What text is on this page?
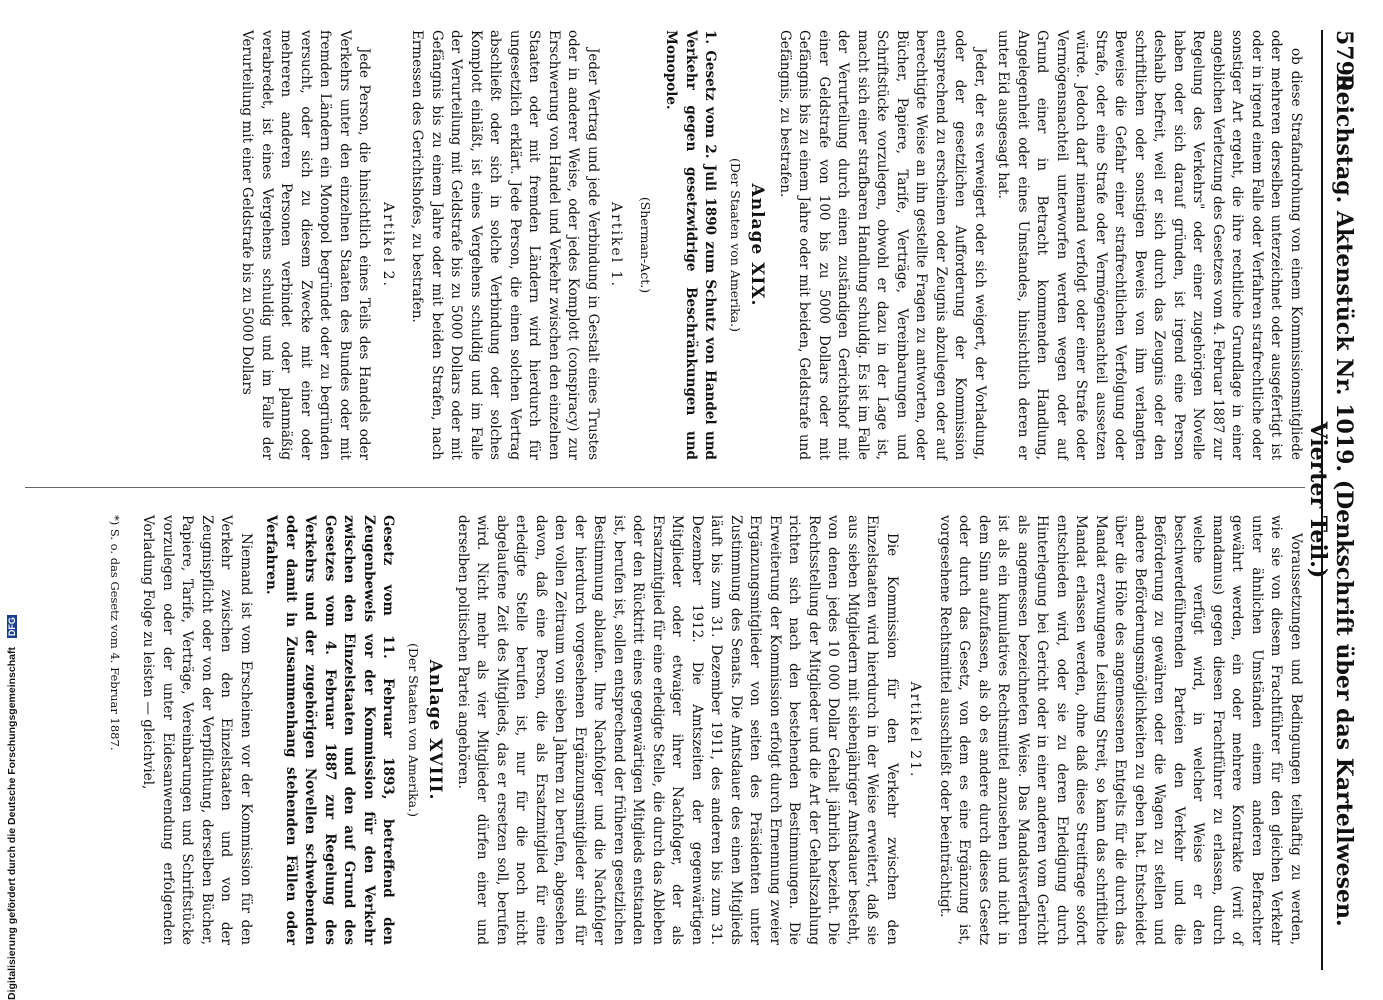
5799
Reichstag. Aktenstück Nr. 1019. (Denkschrift über das Kartellwesen. Vierter Teil.)

ob diese Strafandrohung von einem Kommissionsmitgliede oder mehreren derselben unterzeichnet oder ausgefertigt ist oder in irgend einem Falle oder Verfahren strafrechtliche oder sonstiger Art ergeht, die ihre rechtliche Grundlage in einer angeblichen Verletzung des Gesetzes vom 4. Februar 1887 zur Regelung des Verkehrs" oder einer zugehörigen Novelle haben oder sich darauf gründen, ist irgend eine Person deshalb befreit, weil er sich durch das Zeugnis oder den schriftlichen oder sonstigen Beweis von ihm verlangten Beweise die Gefahr einer strafrechtlichen Verfolgung oder Strafe, oder eine Strafe oder Vermögensnachteil aussetzen würde. Jedoch darf niemand verfolgt oder einer Strafe oder Vermögensnachteil unterworfen werden wegen oder auf Grund einer in Betracht kommenden Handlung, Angelegenheit oder eines Umstandes, hinsichtlich deren er unter Eid ausgesagt hat.

Jeder, der es verweigert oder sich weigert, der Vorladung, oder der gesetzlichen Aufforderung der Kommission entsprechend zu erscheinen oder Zeugnis abzulegen oder auf berechtigte Weise an ihn gestellte Fragen zu antworten, oder Bücher, Papiere, Tarife, Verträge, Vereinbarungen und Schriftstücke vorzulegen, obwohl er dazu in der Lage ist, macht sich einer strafbaren Handlung schuldig. Es ist im Falle der Verurteilung durch einen zuständigen Gerichtshof mit einer Geldstrafe von 100 bis zu 5000 Dollars oder mit Gefängnis bis zu einem Jahre oder mit beiden, Geldstrafe und Gefängnis, zu bestrafen.

Anlage XIX.
(Der Staaten von Amerika.)

1. Gesetz vom 2. Juli 1890 zum Schutz von Handel und Verkehr gegen gesetzwidrige Beschränkungen und Monopole.

(Sherman-Act.)
Artikel 1.

Jeder Vertrag und jede Verbindung in Gestalt eines Trustes oder in anderer Weise, oder jedes Komplott (conspiracy) zur Erschwerung von Handel und Verkehr zwischen den einzelnen Staaten oder mit fremden Ländern wird hierdurch für ungesetzlich erklärt. Jede Person, die einen solchen Vertrag abschließt oder sich in solche Verbindung oder solches Komplott einläßt, ist eines Vergehens schuldig und im Falle der Verurteilung mit Geldstrafe bis zu 5000 Dollars oder mit Gefängnis bis zu einem Jahre oder mit beiden Strafen, nach Ermessen des Gerichtshofes, zu bestrafen.

Artikel 2.

Jede Person, die hinsichtlich eines Teils des Handels oder Verkehrs unter den einzelnen Staaten des Bundes oder mit fremden Ländern ein Monopol begründet oder zu begründen versucht, oder sich zu diesem Zwecke mit einer oder mehreren anderen Personen verbindet oder planmäßig verabredet, ist eines Vergehens schuldig und im Falle der Verurteilung mit einer Geldstrafe bis zu 5000 Dollars

Voraussetzungen und Bedingungen teilhaftig zu werden, wie sie von diesem Frachtführer für den gleichen Verkehr unter ähnlichen Umständen einem anderen Befrachter gewährt werden, ein oder mehrere Kontrakte (writ of mandamus) gegen diesen Frachtführer zu erlassen, durch welche verfügt wird, in welcher Weise er den beschwerdeführenden Parteien den Verkehr und die Beförderung zu gewähren oder die Wagen zu stellen und andere Beförderungsmöglichkeiten zu geben hat. Entscheidet über die Höhe des angemessenen Entgelts für die durch das Mandat erzwungene Leistung Streit, so kann das schriftliche Mandat erlassen werden, ohne daß diese Streitfrage sofort entschieden wird, oder sie zu deren Erledigung durch Hinterlegung bei Gericht oder in einer anderen vom Gericht als angemessen bezeichneten Weise. Das Mandatsverfahren ist als ein kumulatives Rechtsmittel anzusehen und nicht in dem Sinn aufzufassen, als ob es andere durch dieses Gesetz oder durch das Gesetz, von dem es eine Ergänzung ist, vorgesehene Rechtsmittel ausschließt oder beeinträchtigt.

Artikel 21.

Die Kommission für den Verkehr zwischen den Einzelstaaten wird hierdurch in der Weise erweitert, daß sie aus sieben Mitgliedern mit siebenjähriger Amtsdauer besteht, von denen jedes 10 000 Dollar Gehalt jährlich bezieht. Die Rechtsstellung der Mitglieder und die Art der Gehaltszahlung richten sich nach den bestehenden Bestimmungen. Die Erweiterung der Kommission erfolgt durch Ernennung zweier Ergänzungsmitglieder von seiten des Präsidenten unter Zustimmung des Senats. Die Amtsdauer des einen Mitglieds läuft bis zum 31. Dezember 1911, des anderen bis zum 31. Dezember 1912. Die Amtszeiten der gegenwärtigen Mitglieder oder etwaiger ihrer Nachfolger, der als Ersatzmitglied für eine erledigte Stelle, die durch das Ableben oder den Rücktritt eines gegenwärtigen Mitglieds entstanden ist, berufen ist, sollen entsprechend der früheren gesetzlichen Bestimmung ablaufen. Ihre Nachfolger und die Nachfolger der hierdurch vorgesehenen Ergänzungsmitglieder sind für den vollen Zeitraum von sieben Jahren zu berufen, abgesehen davon, daß eine Person, die als Ersatzmitglied für eine erledigte Stelle berufen ist, nur für die noch nicht abgelaufene Zeit des Mitglieds, das er ersetzen soll, berufen wird. Nicht mehr als vier Mitglieder dürfen einer und derselben politischen Partei angehören.

Anlage XVIII.
(Der Staaten von Amerika.)

Gesetz vom 11. Februar 1893, betreffend den Zeugenbeweis vor der Kommission für den Verkehr zwischen den Einzelstaaten und den auf Grund des Gesetzes vom 4. Februar 1887 zur Regelung des Verkehrs und der zugehörigen Novellen schwebenden oder damit in Zusammenhang stehenden Fällen oder Verfahren.

Niemand ist vom Erscheinen vor der Kommission für den Verkehr zwischen den Einzelstaaten und von der Zeugnispflicht oder von der Verpflichtung, derselben Bücher, Papiere, Tarife, Verträge, Vereinbarungen und Schriftstücke vorzulegen oder der unter Eidesanwendung erfolgenden Vorladung Folge zu leisten — gleichviel,

*) S. o. das Gesetz vom 4. Februar 1887.

Digitalisierung gefördert durch die Deutsche Forschungsgemeinschaft DFG
